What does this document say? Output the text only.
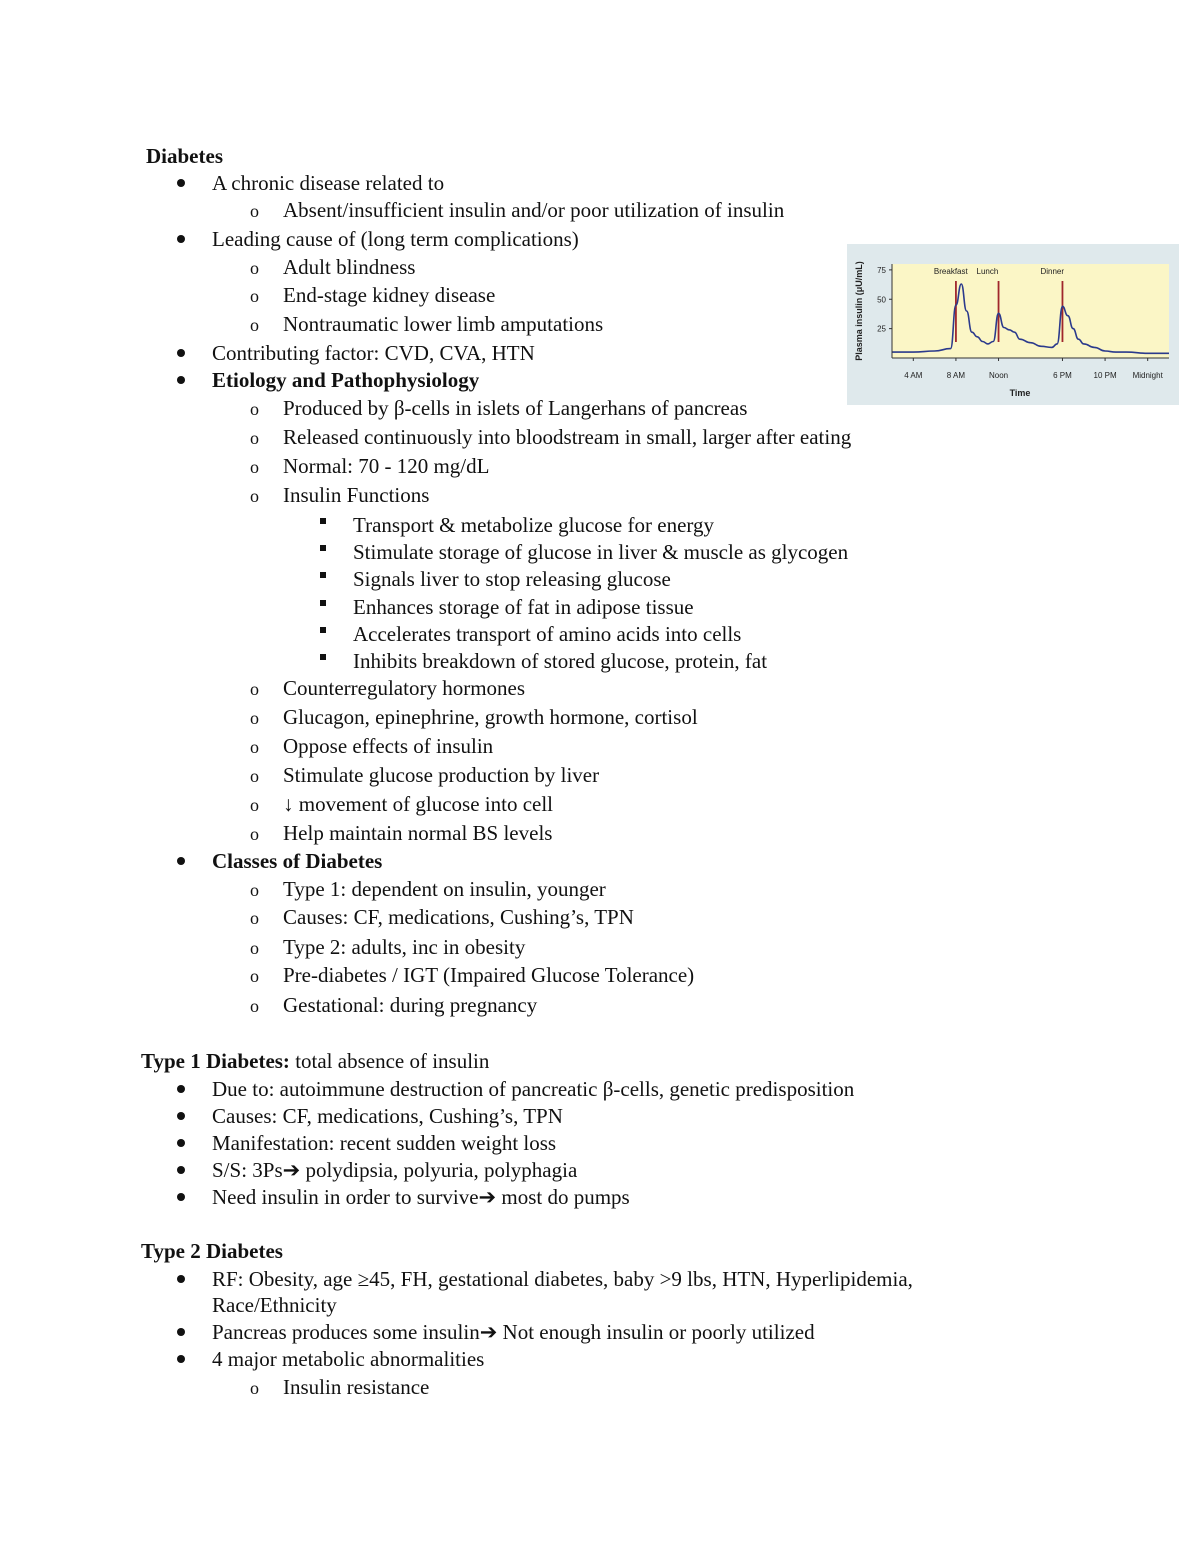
Diabetes
A chronic disease related to
o Absent/insufficient insulin and/or poor utilization of insulin
Leading cause of (long term complications)
o Adult blindness
o End-stage kidney disease
o Nontraumatic lower limb amputations
Contributing factor: CVD, CVA, HTN
Etiology and Pathophysiology
o Produced by β-cells in islets of Langerhans of pancreas
o Released continuously into bloodstream in small, larger after eating
o Normal: 70 - 120 mg/dL
o Insulin Functions
Transport & metabolize glucose for energy
Stimulate storage of glucose in liver & muscle as glycogen
Signals liver to stop releasing glucose
Enhances storage of fat in adipose tissue
Accelerates transport of amino acids into cells
Inhibits breakdown of stored glucose, protein, fat
o Counterregulatory hormones
o Glucagon, epinephrine, growth hormone, cortisol
o Oppose effects of insulin
o Stimulate glucose production by liver
o ↓ movement of glucose into cell
o Help maintain normal BS levels
Classes of Diabetes
o Type 1: dependent on insulin, younger
o Causes: CF, medications, Cushing’s, TPN
o Type 2: adults, inc in obesity
o Pre-diabetes / IGT (Impaired Glucose Tolerance)
o Gestational: during pregnancy
Type 1 Diabetes: total absence of insulin
Due to: autoimmune destruction of pancreatic β-cells, genetic predisposition
Causes: CF, medications, Cushing’s, TPN
Manifestation: recent sudden weight loss
S/S: 3Ps➔ polydipsia, polyuria, polyphagia
Need insulin in order to survive➔ most do pumps
Type 2 Diabetes
RF: Obesity, age ≥45, FH, gestational diabetes, baby >9 lbs, HTN, Hyperlipidemia,
Race/Ethnicity
Pancreas produces some insulin➔ Not enough insulin or poorly utilized
4 major metabolic abnormalities
o Insulin resistance
Breakfast Lunch	Dinner
25
50
75
4 AM	8 AM	Noon	6 PM	10 PM Midnight
Plasma insulin (μU/mL)
Time
